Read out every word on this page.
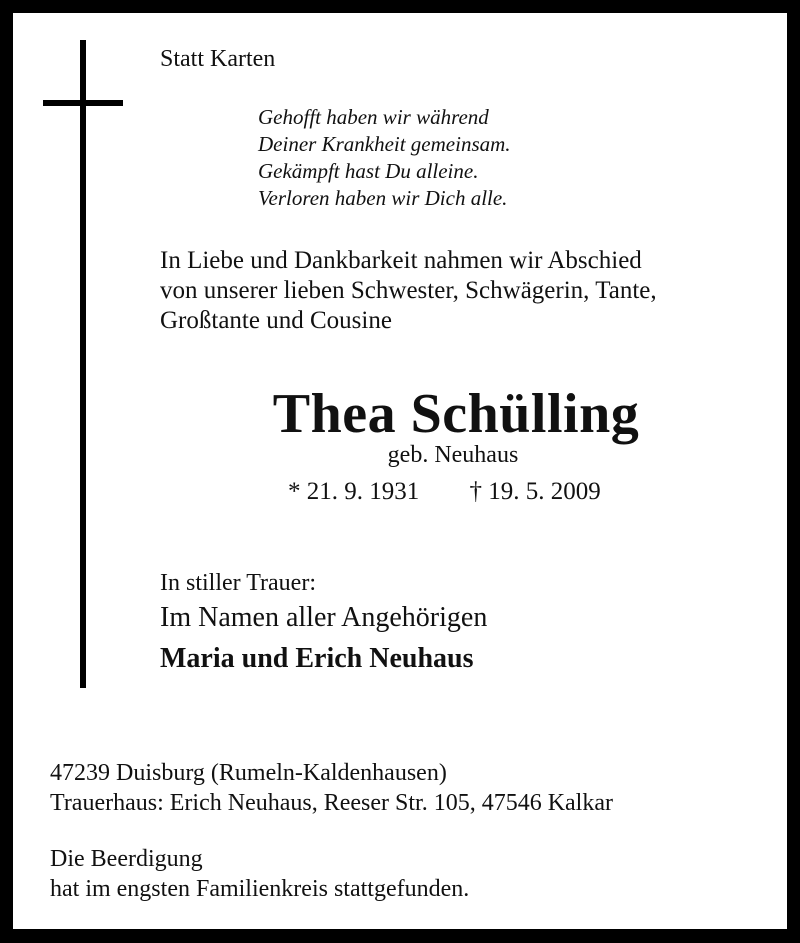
Statt Karten
Gehofft haben wir während
Deiner Krankheit gemeinsam.
Gekämpft hast Du alleine.
Verloren haben wir Dich alle.
In Liebe und Dankbarkeit nahmen wir Abschied
von unserer lieben Schwester, Schwägerin, Tante,
Großtante und Cousine
Thea Schülling
geb. Neuhaus
* 21. 9. 1931 † 19. 5. 2009
In stiller Trauer:
Im Namen aller Angehörigen
Maria und Erich Neuhaus
47239 Duisburg (Rumeln-Kaldenhausen)
Trauerhaus: Erich Neuhaus, Reeser Str. 105, 47546 Kalkar
Die Beerdigung
hat im engsten Familienkreis stattgefunden.
